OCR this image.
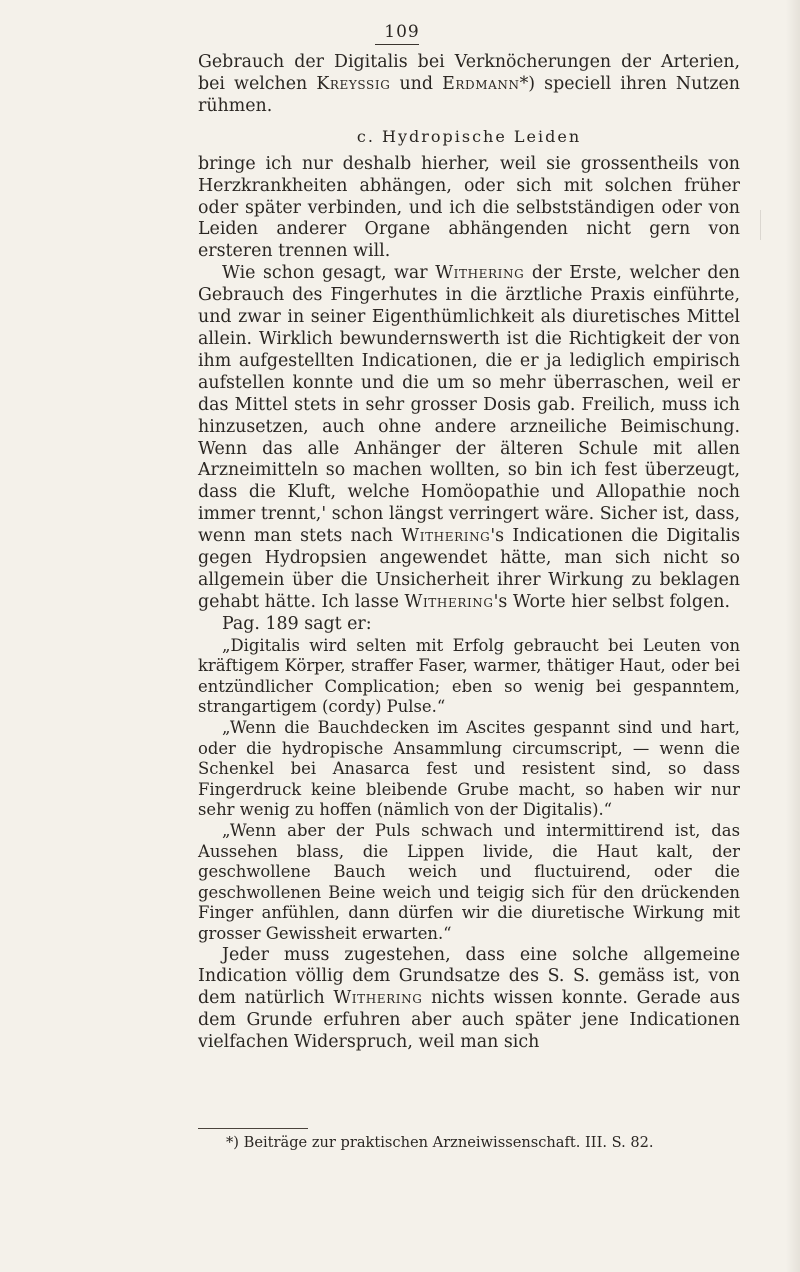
109

Gebrauch der Digitalis bei Verknöcherungen der Arterien, bei welchen Kreyssig und Erdmann*) speciell ihren Nutzen rühmen.

c. Hydropische Leiden

bringe ich nur deshalb hierher, weil sie grossentheils von Herzkrankheiten abhängen, oder sich mit solchen früher oder später verbinden, und ich die selbstständigen oder von Leiden anderer Organe abhängenden nicht gern von ersteren trennen will.

Wie schon gesagt, war Withering der Erste, welcher den Gebrauch des Fingerhutes in die ärztliche Praxis einführte, und zwar in seiner Eigenthümlichkeit als diuretisches Mittel allein. Wirklich bewundernswerth ist die Richtigkeit der von ihm aufgestellten Indicationen, die er ja lediglich empirisch aufstellen konnte und die um so mehr überraschen, weil er das Mittel stets in sehr grosser Dosis gab. Freilich, muss ich hinzusetzen, auch ohne andere arzneiliche Beimischung. Wenn das alle Anhänger der älteren Schule mit allen Arzneimitteln so machen wollten, so bin ich fest überzeugt, dass die Kluft, welche Homöopathie und Allopathie noch immer trennt,' schon längst verringert wäre. Sicher ist, dass, wenn man stets nach Withering's Indicationen die Digitalis gegen Hydropsien angewendet hätte, man sich nicht so allgemein über die Unsicherheit ihrer Wirkung zu beklagen gehabt hätte. Ich lasse Withering's Worte hier selbst folgen.

Pag. 189 sagt er:

„Digitalis wird selten mit Erfolg gebraucht bei Leuten von kräftigem Körper, straffer Faser, warmer, thätiger Haut, oder bei entzündlicher Complication; eben so wenig bei gespanntem, strangartigem (cordy) Pulse.“

„Wenn die Bauchdecken im Ascites gespannt sind und hart, oder die hydropische Ansammlung circumscript, — wenn die Schenkel bei Anasarca fest und resistent sind, so dass Fingerdruck keine bleibende Grube macht, so haben wir nur sehr wenig zu hoffen (nämlich von der Digitalis).“

„Wenn aber der Puls schwach und intermittirend ist, das Aussehen blass, die Lippen livide, die Haut kalt, der geschwollene Bauch weich und fluctuirend, oder die geschwollenen Beine weich und teigig sich für den drückenden Finger anfühlen, dann dürfen wir die diuretische Wirkung mit grosser Gewissheit erwarten.“

Jeder muss zugestehen, dass eine solche allgemeine Indication völlig dem Grundsatze des S. S. gemäss ist, von dem natürlich Withering nichts wissen konnte. Gerade aus dem Grunde erfuhren aber auch später jene Indicationen vielfachen Widerspruch, weil man sich

*) Beiträge zur praktischen Arzneiwissenschaft. III. S. 82.
